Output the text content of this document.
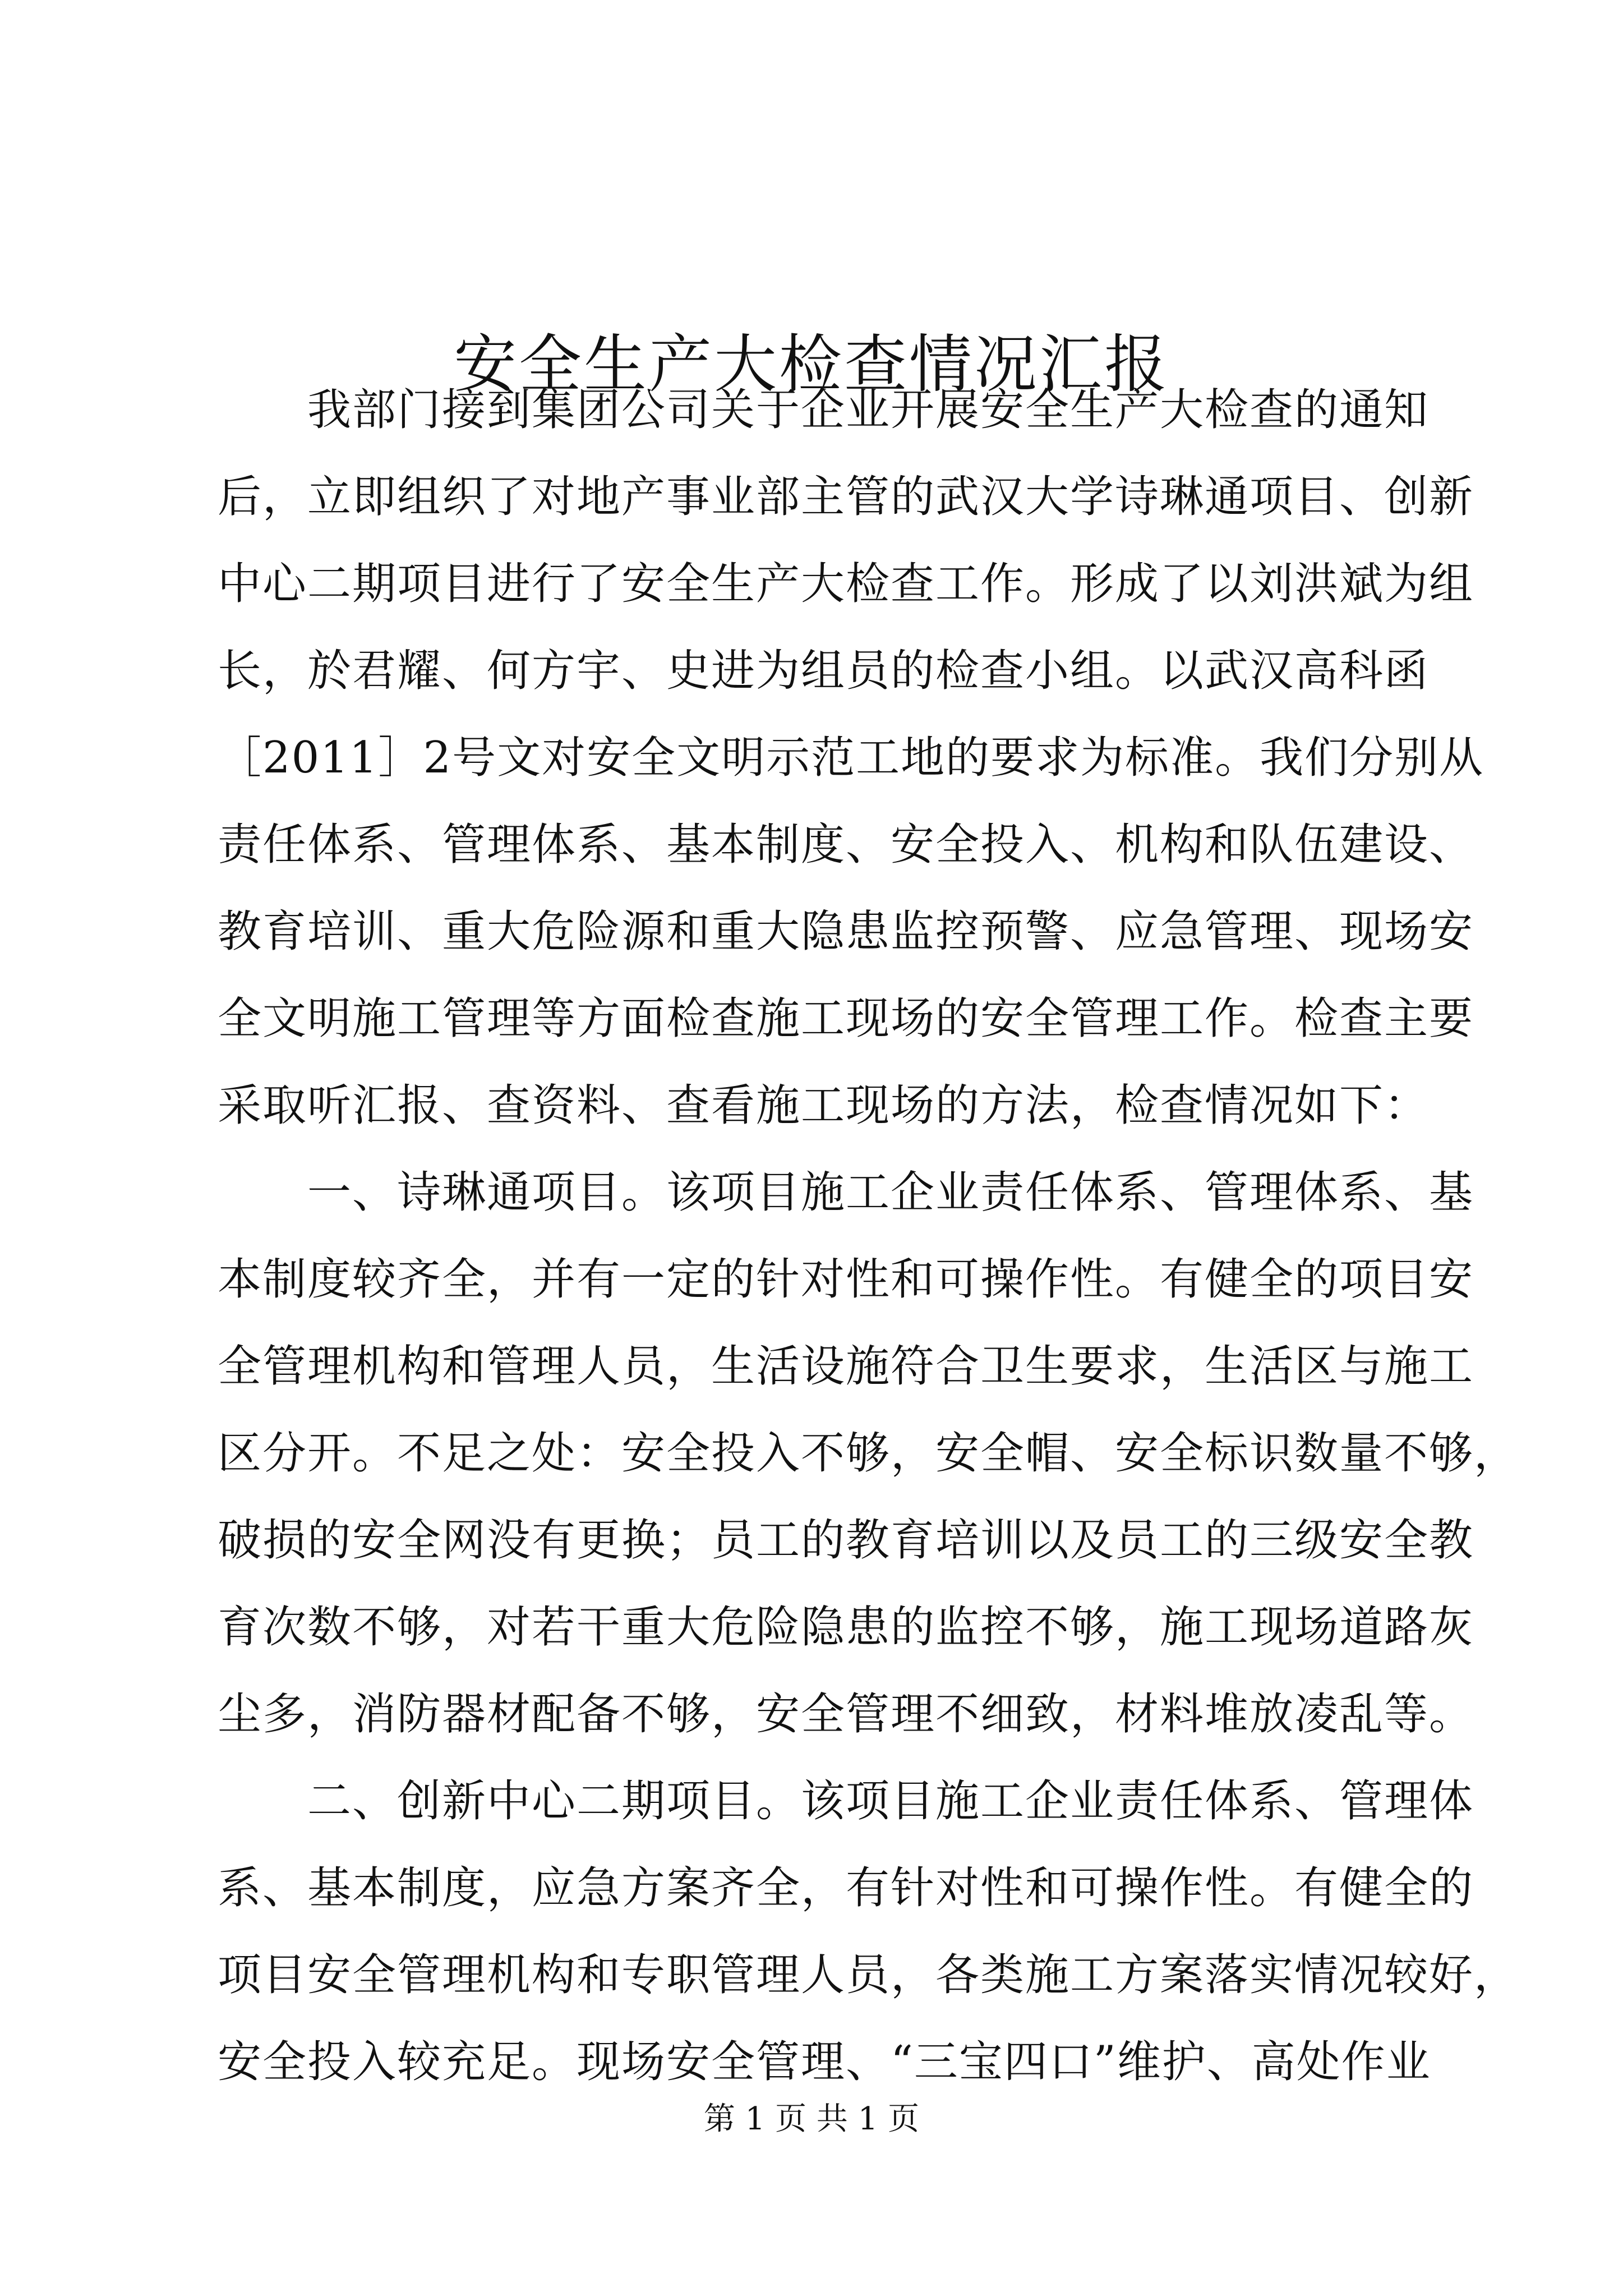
安全生产大检查情况汇报
我部门接到集团公司关于企业开展安全生产大检查的通知
后，立即组织了对地产事业部主管的武汉大学诗琳通项目、创新
中心二期项目进行了安全生产大检查工作。形成了以刘洪斌为组
长，於君耀、何方宇、史进为组员的检查小组。以武汉高科函
［2011］2号文对安全文明示范工地的要求为标准。我们分别从
责任体系、管理体系、基本制度、安全投入、机构和队伍建设、
教育培训、重大危险源和重大隐患监控预警、应急管理、现场安
全文明施工管理等方面检查施工现场的安全管理工作。检查主要
采取听汇报、查资料、查看施工现场的方法，检查情况如下：
一、诗琳通项目。该项目施工企业责任体系、管理体系、基
本制度较齐全，并有一定的针对性和可操作性。有健全的项目安
全管理机构和管理人员，生活设施符合卫生要求，生活区与施工
区分开。不足之处：安全投入不够，安全帽、安全标识数量不够，
破损的安全网没有更换；员工的教育培训以及员工的三级安全教
育次数不够，对若干重大危险隐患的监控不够，施工现场道路灰
尘多，消防器材配备不够，安全管理不细致，材料堆放凌乱等。
二、创新中心二期项目。该项目施工企业责任体系、管理体
系、基本制度，应急方案齐全，有针对性和可操作性。有健全的
项目安全管理机构和专职管理人员，各类施工方案落实情况较好，
安全投入较充足。现场安全管理、“三宝四口”维护、高处作业
第 1 页 共 1 页
